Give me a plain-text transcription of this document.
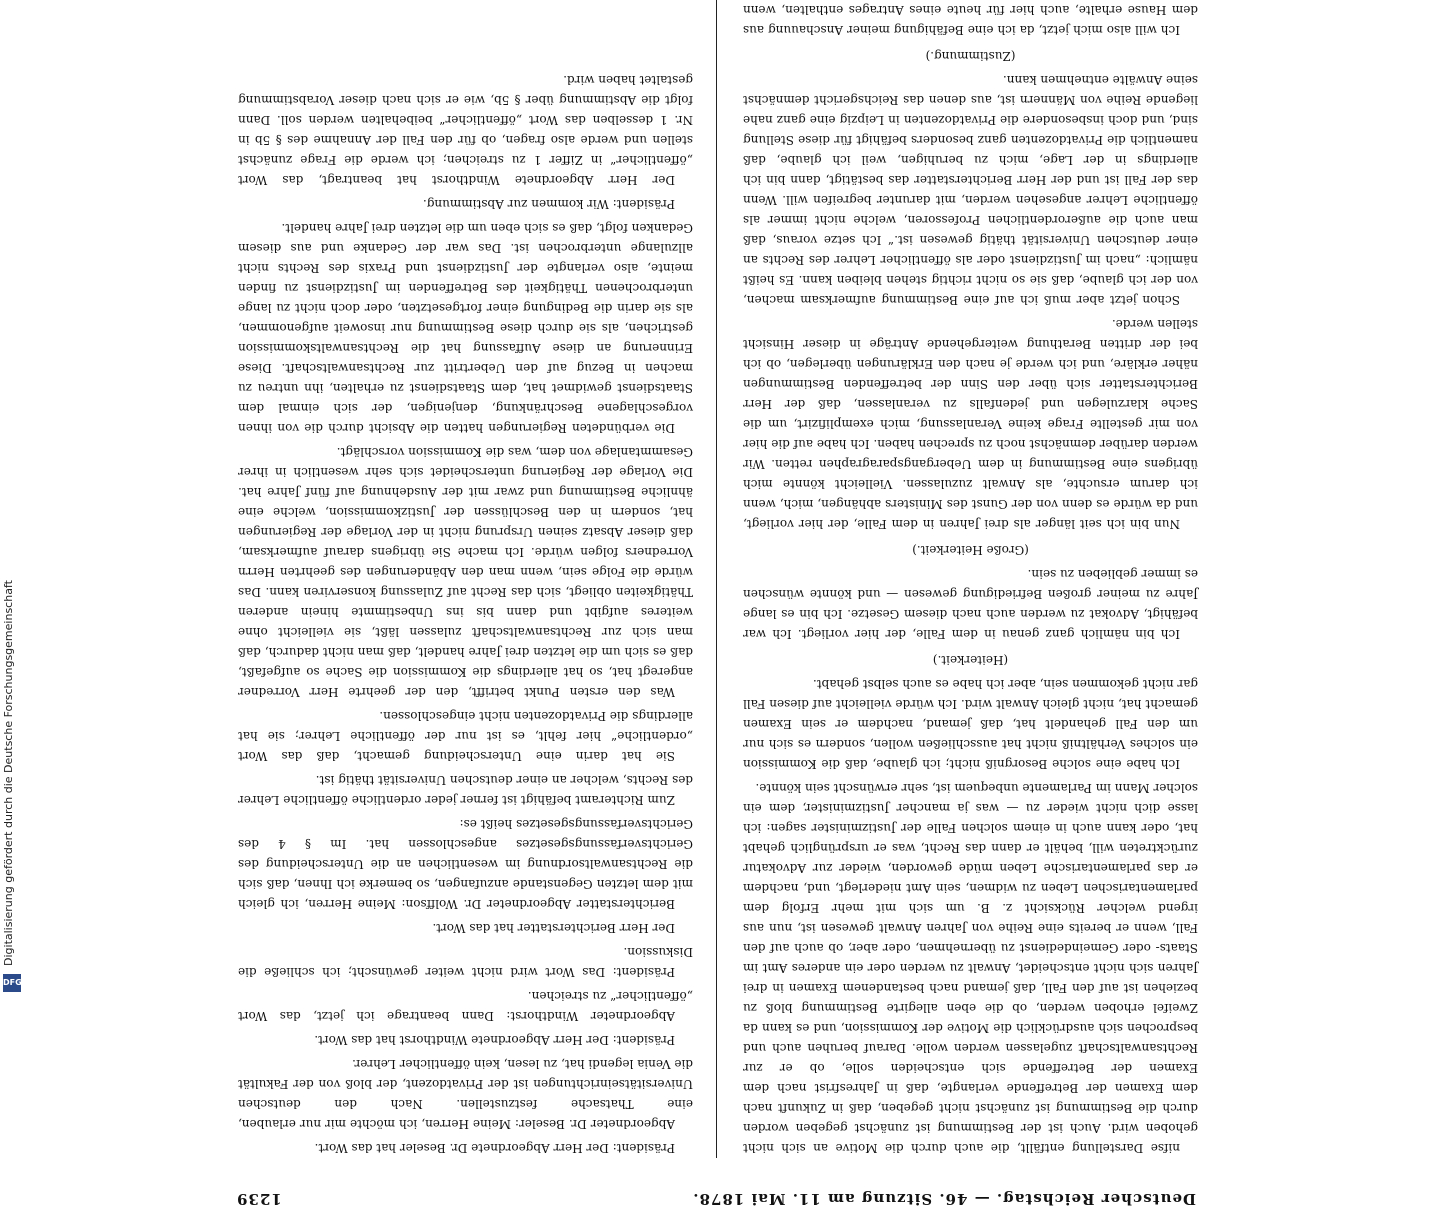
Deutscher Reichstag. — 46. Sitzung am 11. Mai 1878.
1239

nifse Darstellung entfällt, die auch durch die Motive an sich nicht gehoben wird. Auch ist der Bestimmung ist zunächst gegeben worden durch die Bestimmung ist zunächst nicht gegeben, daß in Zukunft nach dem Examen der Betreffende verlangte, daß in Jahresfrist nach dem Examen der Betreffende sich entscheiden solle, ob er zur Rechtsanwaltschaft zugelassen werden wolle. Darauf beruhen auch und besprochen sich ausdrücklich die Motive der Kommission, und es kann da Zweifel erhoben werden, ob die eben allegirte Bestimmung bloß zu beziehen ist auf den Fall, daß jemand nach bestandenem Examen in drei Jahren sich nicht entscheidet, Anwalt zu werden oder ein anderes Amt im Staats- oder Gemeindedienst zu übernehmen, oder aber, ob auch auf den Fall, wenn er bereits eine Reihe von Jahren Anwalt gewesen ist, nun aus irgend welcher Rücksicht z. B. um sich mit mehr Erfolg dem parlamentarischen Leben zu widmen, sein Amt niederlegt, und, nachdem er das parlamentarische Leben müde geworden, wieder zur Advokatur zurücktreten will, behält er dann das Recht, was er ursprünglich gehabt hat, oder kann auch in einem solchen Falle der Justizminister sagen: ich lasse dich nicht wieder zu — was ja mancher Justizminister, dem ein solcher Mann im Parlamente unbequem ist, sehr erwünscht sein könnte.

Ich habe eine solche Besorgniß nicht; ich glaube, daß die Kommission ein solches Verhältniß nicht hat ausschließen wollen, sondern es sich nur um den Fall gehandelt hat, daß jemand, nachdem er sein Examen gemacht hat, nicht gleich Anwalt wird. Ich würde vielleicht auf diesen Fall gar nicht gekommen sein, aber ich habe es auch selbst gehabt.

(Heiterkeit.)

Ich bin nämlich ganz genau in dem Falle, der hier vorliegt. Ich war befähigt, Advokat zu werden auch nach diesem Gesetze. Ich bin es lange Jahre zu meiner großen Befriedigung gewesen — und könnte wünschen es immer geblieben zu sein.

(Große Heiterkeit.)

Nun bin ich seit länger als drei Jahren in dem Falle, der hier vorliegt, und da würde es denn von der Gunst des Ministers abhängen, mich, wenn ich darum ersuchte, als Anwalt zuzulassen. Vielleicht könnte mich übrigens eine Bestimmung in dem Uebergangsparagraphen retten. Wir werden darüber demnächst noch zu sprechen haben. Ich habe auf die hier von mir gestellte Frage keine Veranlassung, mich exemplifizirt, um die Sache klarzulegen und jedenfalls zu veranlassen, daß der Herr Berichterstatter sich über den Sinn der betreffenden Bestimmungen näher erkläre, und ich werde je nach den Erklärungen überlegen, ob ich bei der dritten Berathung weitergehende Anträge in dieser Hinsicht stellen werde.

Schon jetzt aber muß ich auf eine Bestimmung aufmerksam machen, von der ich glaube, daß sie so nicht richtig stehen bleiben kann. Es heißt nämlich: „nach im Justizdienst oder als öffentlicher Lehrer des Rechts an einer deutschen Universität thätig gewesen ist.“ Ich setze voraus, daß man auch die außerordentlichen Professoren, welche nicht immer als öffentliche Lehrer angesehen werden, mit darunter begreifen will. Wenn das der Fall ist und der Herr Berichterstatter das bestätigt, dann bin ich allerdings in der Lage, mich zu beruhigen, weil ich glaube, daß namentlich die Privatdozenten ganz besonders befähigt für diese Stellung sind, und doch insbesondere die Privatdozenten in Leipzig eine ganz nahe liegende Reihe von Männern ist, aus denen das Reichsgericht demnächst seine Anwälte entnehmen kann.

(Zustimmung.)

Ich will also mich jetzt, da ich eine Befähigung meiner Anschauung aus dem Hause erhalte, auch hier für heute eines Antrages enthalten, wenn

Präsident: Der Herr Abgeordnete Dr. Beseler hat das Wort.

Abgeordneter Dr. Beseler: Meine Herren, ich möchte mir nur erlauben, eine Thatsache festzustellen. Nach den deutschen Universitätseinrichtungen ist der Privatdozent, der bloß von der Fakultät die Venia legendi hat, zu lesen, kein öffentlicher Lehrer.

Präsident: Der Herr Abgeordnete Windthorst hat das Wort.

Abgeordneter Windthorst: Dann beantrage ich jetzt, das Wort „öffentlicher“ zu streichen.

Präsident: Das Wort wird nicht weiter gewünscht; ich schließe die Diskussion.

Der Herr Berichterstatter hat das Wort.

Berichterstatter Abgeordneter Dr. Wolffson: Meine Herren, ich gleich mit dem letzten Gegenstande anzufangen, so bemerke ich Ihnen, daß sich die Rechtsanwaltsordnung im wesentlichen an die Unterscheidung des Gerichtsverfassungsgesetzes angeschlossen hat. Im § 4 des Gerichtsverfassungsgesetzes heißt es:

Zum Richteramt befähigt ist ferner jeder ordentliche öffentliche Lehrer des Rechts, welcher an einer deutschen Universität thätig ist.

Sie hat darin eine Unterscheidung gemacht, daß das Wort „ordentliche“ hier fehlt, es ist nur der öffentliche Lehrer; sie hat allerdings die Privatdozenten nicht eingeschlossen.

Was den ersten Punkt betrifft, den der geehrte Herr Vorredner angeregt hat, so hat allerdings die Kommission die Sache so aufgefaßt, daß es sich um die letzten drei Jahre handelt, daß man nicht dadurch, daß man sich zur Rechtsanwaltschaft zulassen läßt, sie vielleicht ohne weiteres aufgibt und dann bis ins Unbestimmte hinein anderen Thätigkeiten obliegt, sich das Recht auf Zulassung konserviren kann. Das würde die Folge sein, wenn man den Abänderungen des geehrten Herrn Vorredners folgen würde. Ich mache Sie übrigens darauf aufmerksam, daß dieser Absatz seinen Ursprung nicht in der Vorlage der Regierungen hat, sondern in den Beschlüssen der Justizkommission, welche eine ähnliche Bestimmung und zwar mit der Ausdehnung auf fünf Jahre hat. Die Vorlage der Regierung unterscheidet sich sehr wesentlich in ihrer Gesammtanlage von dem, was die Kommission vorschlägt.

Die verbündeten Regierungen hatten die Absicht durch die von ihnen vorgeschlagene Beschränkung, denjenigen, der sich einmal dem Staatsdienst gewidmet hat, dem Staatsdienst zu erhalten, ihn untreu zu machen in Bezug auf den Uebertritt zur Rechtsanwaltschaft. Diese Erinnerung an diese Auffassung hat die Rechtsanwaltskommission gestrichen, als sie durch diese Bestimmung nur insoweit aufgenommen, als sie darin die Bedingung einer fortgesetzten, oder doch nicht zu lange unterbrochenen Thätigkeit des Betreffenden im Justizdienst zu finden meinte, also verlangte der Justizdienst und Praxis des Rechts nicht allzulange unterbrochen ist. Das war der Gedanke und aus diesem Gedanken folgt, daß es sich eben um die letzten drei Jahre handelt.

Präsident: Wir kommen zur Abstimmung.

Der Herr Abgeordnete Windthorst hat beantragt, das Wort „öffentlicher“ in Ziffer 1 zu streichen; ich werde die Frage zunächst stellen und werde also fragen, ob für den Fall der Annahme des § 5b in Nr. 1 desselben das Wort „öffentlicher“ beibehalten werden soll. Dann folgt die Abstimmung über § 5b, wie er sich nach dieser Vorabstimmung gestaltet haben wird.

Digitalisierung gefördert durch die Deutsche Forschungsgemeinschaft
DFG
